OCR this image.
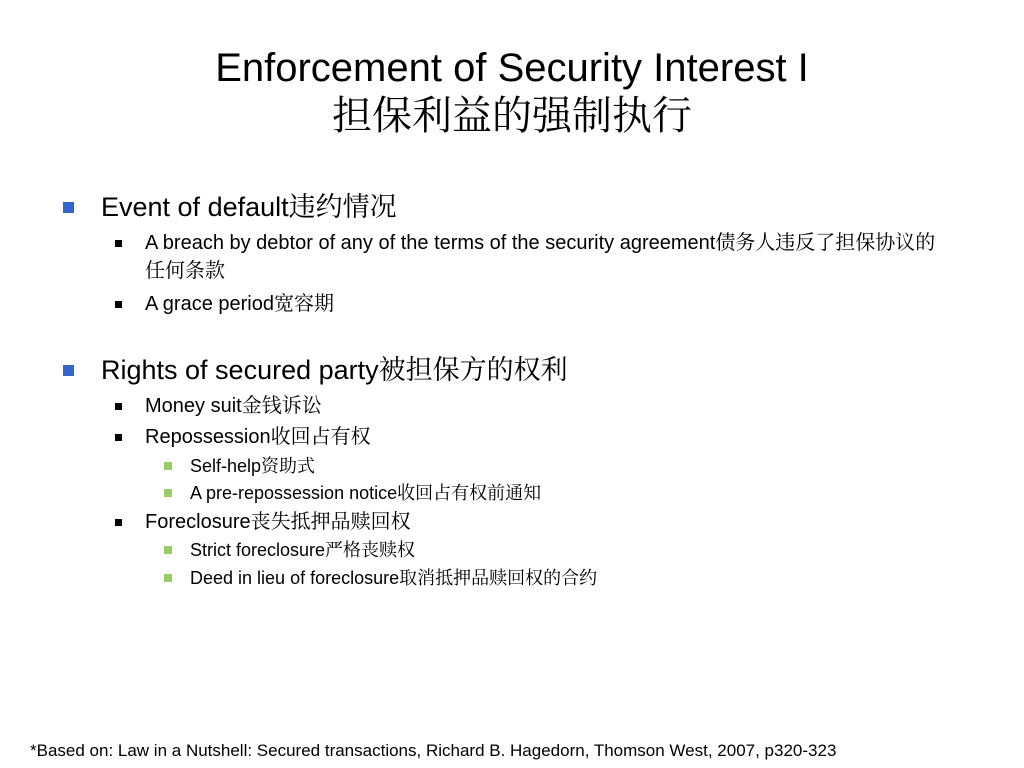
Enforcement of Security Interest I
担保利益的强制执行
Event of default违约情况
A breach by debtor of any of the terms of the security agreement债务人违反了担保协议的任何条款
A grace period宽容期
Rights of secured party被担保方的权利
Money suit金钱诉讼
Repossession收回占有权
Self-help资助式
A pre-repossession notice收回占有权前通知
Foreclosure丧失抵押品赎回权
Strict foreclosure严格丧赎权
Deed in lieu of foreclosure取消抵押品赎回权的合约
*Based on: Law in a Nutshell: Secured transactions, Richard B. Hagedorn, Thomson West, 2007, p320-323
